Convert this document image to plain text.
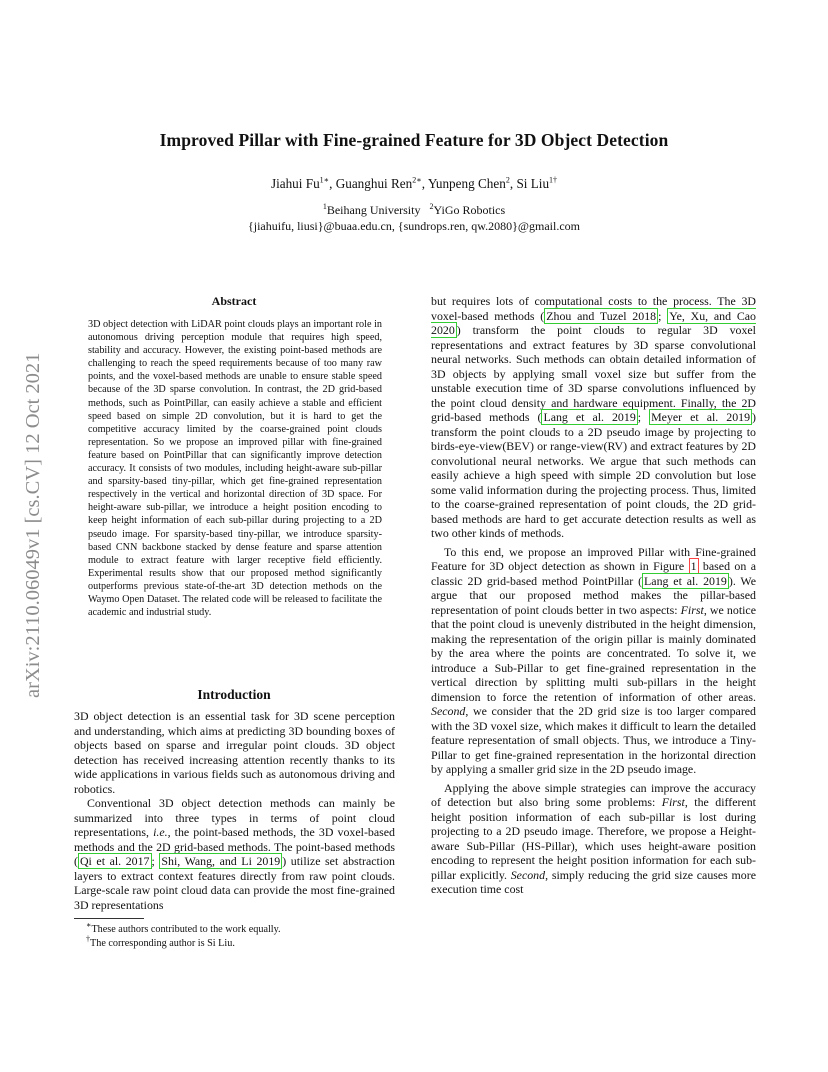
arXiv:2110.06049v1 [cs.CV] 12 Oct 2021
Improved Pillar with Fine-grained Feature for 3D Object Detection
Jiahui $Fu^{1∗}$, Guanghui Ren$^{2∗}$, Yunpeng Chen$^2$, Si Liu$^{1\dagger}$
$^1$Beihang University $^2$YiGo Robotics
{jiahuifu, liusi}@buaa.edu.cn, {sundrops.ren, qw.2080}@gmail.com
Abstract
3D object detection with LiDAR point clouds plays an important role in autonomous driving perception module that requires high speed, stability and accuracy. However, the existing point-based methods are challenging to reach the speed requirements because of too many raw points, and the voxel-based methods are unable to ensure stable speed because of the 3D sparse convolution. In contrast, the 2D grid-based methods, such as PointPillar, can easily achieve a stable and efficient speed based on simple 2D convolution, but it is hard to get the competitive accuracy limited by the coarse-grained point clouds representation. So we propose an improved pillar with fine-grained feature based on PointPillar that can significantly improve detection accuracy. It consists of two modules, including height-aware sub-pillar and sparsity-based tiny-pillar, which get fine-grained representation respectively in the vertical and horizontal direction of 3D space. For height-aware sub-pillar, we introduce a height position encoding to keep height information of each sub-pillar during projecting to a 2D pseudo image. For sparsity-based tiny-pillar, we introduce sparsity-based CNN backbone stacked by dense feature and sparse attention module to extract feature with larger receptive field efficiently. Experimental results show that our proposed method significantly outperforms previous state-of-the-art 3D detection methods on the Waymo Open Dataset. The related code will be released to facilitate the academic and industrial study.
Introduction

3D object detection is an essential task for 3D scene perception and understanding, which aims at predicting 3D bounding boxes of objects based on sparse and irregular point clouds. 3D object detection has received increasing attention recently thanks to its wide applications in various fields such as autonomous driving and robotics.

Conventional 3D object detection methods can mainly be summarized into three types in terms of point cloud representations, i.e., the point-based methods, the 3D voxel-based methods and the 2D grid-based methods. The point-based methods ( Qi et al. 2017 ; Shi, Wang, and Li 2019 ) utilize set abstraction layers to extract context features directly from raw point clouds. Large-scale raw point cloud data can provide the most fine-grained 3D representations

∗These authors contributed to the work equally.
†The corresponding author is Si Liu.

but requires lots of computational costs to the process. The 3D voxel-based methods ( Zhou and Tuzel 2018 ; Ye, Xu, and Cao 2020 ) transform the point clouds to regular 3D voxel representations and extract features by 3D sparse convolutional neural networks. Such methods can obtain detailed information of 3D objects by applying small voxel size but suffer from the unstable execution time of 3D sparse convolutions influenced by the point cloud density and hardware equipment. Finally, the 2D grid-based methods ( Lang et al. 2019 ; Meyer et al. 2019 ) transform the point clouds to a 2D pseudo image by projecting to birds-eye-view(BEV) or range-view(RV) and extract features by 2D convolutional neural networks. We argue that such methods can easily achieve a high speed with simple 2D convolution but lose some valid information during the projecting process. Thus, limited to the coarse-grained representation of point clouds, the 2D grid-based methods are hard to get accurate detection results as well as two other kinds of methods.

To this end, we propose an improved Pillar with Fine-grained Feature for 3D object detection as shown in Figure 1 based on a classic 2D grid-based method PointPillar ( Lang et al. 2019 ). We argue that our proposed method makes the pillar-based representation of point clouds better in two aspects: First, we notice that the point cloud is unevenly distributed in the height dimension, making the representation of the origin pillar is mainly dominated by the area where the points are concentrated. To solve it, we introduce a Sub-Pillar to get fine-grained representation in the vertical direction by splitting multi sub-pillars in the height dimension to force the retention of information of other areas. Second, we consider that the 2D grid size is too larger compared with the 3D voxel size, which makes it difficult to learn the detailed feature representation of small objects. Thus, we introduce a Tiny-Pillar to get fine-grained representation in the horizontal direction by applying a smaller grid size in the 2D pseudo image.

Applying the above simple strategies can improve the accuracy of detection but also bring some problems: First, the different height position information of each sub-pillar is lost during projecting to a 2D pseudo image. Therefore, we propose a Height-aware Sub-Pillar (HS-Pillar), which uses height-aware position encoding to represent the height position information for each sub-pillar explicitly. Second, simply reducing the grid size causes more execution time cost
